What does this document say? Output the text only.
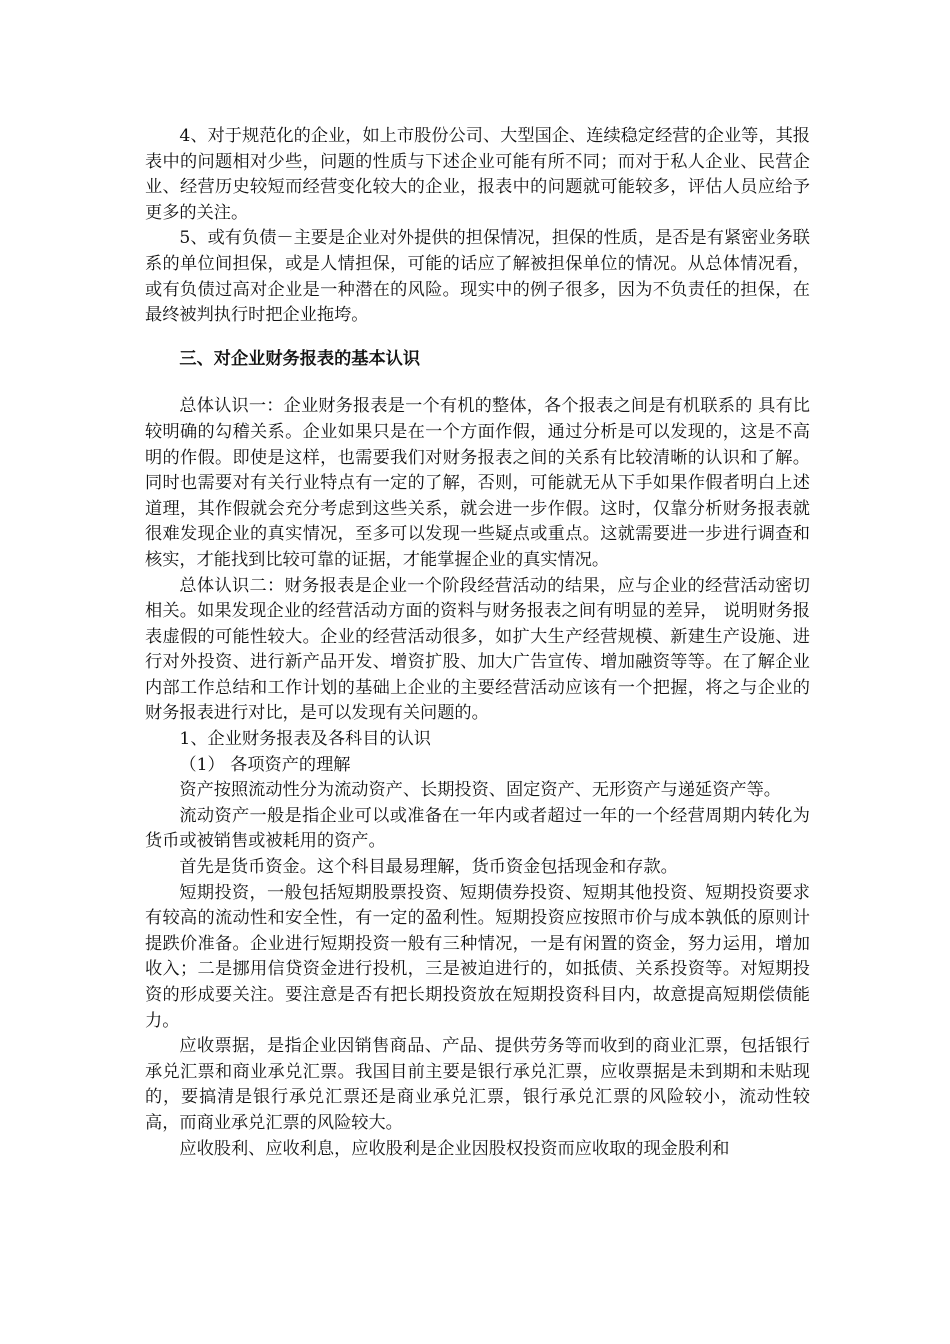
4、对于规范化的企业，如上市股份公司、大型国企、连续稳定经营的企业等，其报表中的问题相对少些，问题的性质与下述企业可能有所不同；而对于私人企业、民营企业、经营历史较短而经营变化较大的企业，报表中的问题就可能较多，评估人员应给予更多的关注。

5、或有负债－主要是企业对外提供的担保情况，担保的性质，是否是有紧密业务联系的单位间担保，或是人情担保，可能的话应了解被担保单位的情况。从总体情况看，或有负债过高对企业是一种潜在的风险。现实中的例子很多，因为不负责任的担保，在最终被判执行时把企业拖垮。

三、对企业财务报表的基本认识

总体认识一：企业财务报表是一个有机的整体，各个报表之间是有机联系的 具有比较明确的勾稽关系。企业如果只是在一个方面作假，通过分析是可以发现的，这是不高明的作假。即使是这样，也需要我们对财务报表之间的关系有比较清晰的认识和了解。同时也需要对有关行业特点有一定的了解，否则，可能就无从下手如果作假者明白上述道理，其作假就会充分考虑到这些关系，就会进一步作假。这时，仅靠分析财务报表就很难发现企业的真实情况，至多可以发现一些疑点或重点。这就需要进一步进行调查和核实，才能找到比较可靠的证据，才能掌握企业的真实情况。

总体认识二：财务报表是企业一个阶段经营活动的结果，应与企业的经营活动密切相关。如果发现企业的经营活动方面的资料与财务报表之间有明显的差异， 说明财务报表虚假的可能性较大。企业的经营活动很多，如扩大生产经营规模、新建生产设施、进行对外投资、进行新产品开发、增资扩股、加大广告宣传、增加融资等等。在了解企业内部工作总结和工作计划的基础上企业的主要经营活动应该有一个把握，将之与企业的财务报表进行对比，是可以发现有关问题的。

1、企业财务报表及各科目的认识

（1） 各项资产的理解

资产按照流动性分为流动资产、长期投资、固定资产、无形资产与递延资产等。

流动资产一般是指企业可以或准备在一年内或者超过一年的一个经营周期内转化为货币或被销售或被耗用的资产。

首先是货币资金。这个科目最易理解，货币资金包括现金和存款。

短期投资，一般包括短期股票投资、短期债券投资、短期其他投资、短期投资要求有较高的流动性和安全性，有一定的盈利性。短期投资应按照市价与成本孰低的原则计提跌价准备。企业进行短期投资一般有三种情况，一是有闲置的资金，努力运用，增加收入；二是挪用信贷资金进行投机，三是被迫进行的，如抵债、关系投资等。对短期投资的形成要关注。要注意是否有把长期投资放在短期投资科目内，故意提高短期偿债能力。

应收票据，是指企业因销售商品、产品、提供劳务等而收到的商业汇票，包括银行承兑汇票和商业承兑汇票。我国目前主要是银行承兑汇票，应收票据是未到期和未贴现的，要搞清是银行承兑汇票还是商业承兑汇票，银行承兑汇票的风险较小，流动性较高，而商业承兑汇票的风险较大。

应收股利、应收利息，应收股利是企业因股权投资而应收取的现金股利和
